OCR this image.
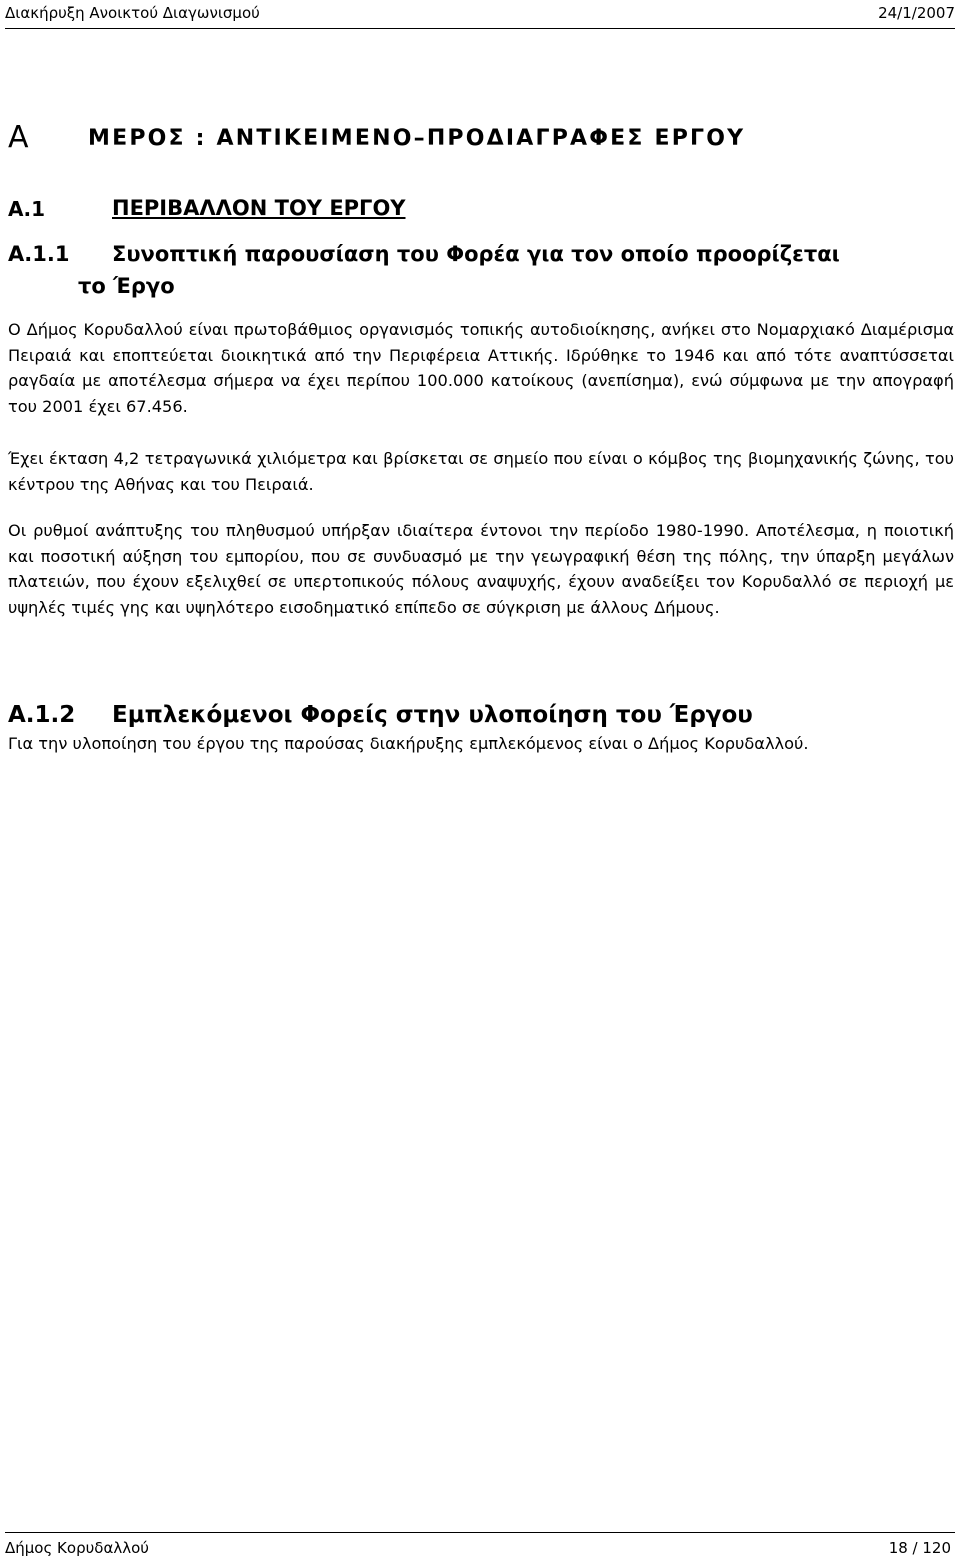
Διακήρυξη Ανοικτού Διαγωνισμού	24/1/2007
Α	ΜΕΡΟΣ : ΑΝΤΙΚΕΙΜΕΝΟ–ΠΡΟΔΙΑΓΡΑΦΕΣ ΕΡΓΟΥ
Α.1	ΠΕΡΙΒΑΛΛΟΝ ΤΟΥ ΕΡΓΟΥ
Α.1.1 Συνοπτική παρουσίαση του Φορέα για τον οποίο προορίζεται
το Έργο

Ο Δήμος Κορυδαλλού είναι πρωτοβάθμιος οργανισμός τοπικής αυτοδιοίκησης, ανήκει στο Νομαρχιακό Διαμέρισμα Πειραιά και εποπτεύεται διοικητικά από την Περιφέρεια Αττικής. Ιδρύθηκε το 1946 και από τότε αναπτύσσεται ραγδαία με αποτέλεσμα σήμερα να έχει περίπου 100.000 κατοίκους (ανεπίσημα), ενώ σύμφωνα με την απογραφή του 2001 έχει 67.456.

Έχει έκταση 4,2 τετραγωνικά χιλιόμετρα και βρίσκεται σε σημείο που είναι ο κόμβος της βιομηχανικής ζώνης, του κέντρου της Αθήνας και του Πειραιά.

Οι ρυθμοί ανάπτυξης του πληθυσμού υπήρξαν ιδιαίτερα έντονοι την περίοδο 1980-1990. Αποτέλεσμα, η ποιοτική και ποσοτική αύξηση του εμπορίου, που σε συνδυασμό με την γεωγραφική θέση της πόλης, την ύπαρξη μεγάλων πλατειών, που έχουν εξελιχθεί σε υπερτοπικούς πόλους αναψυχής, έχουν αναδείξει τον Κορυδαλλό σε περιοχή με υψηλές τιμές γης και υψηλότερο εισοδηματικό επίπεδο σε σύγκριση με άλλους Δήμους.

Α.1.2 Εμπλεκόμενοι Φορείς στην υλοποίηση του Έργου

Για την υλοποίηση του έργου της παρούσας διακήρυξης εμπλεκόμενος είναι ο Δήμος Κορυδαλλού.

Δήμος Κορυδαλλού	18 / 120
